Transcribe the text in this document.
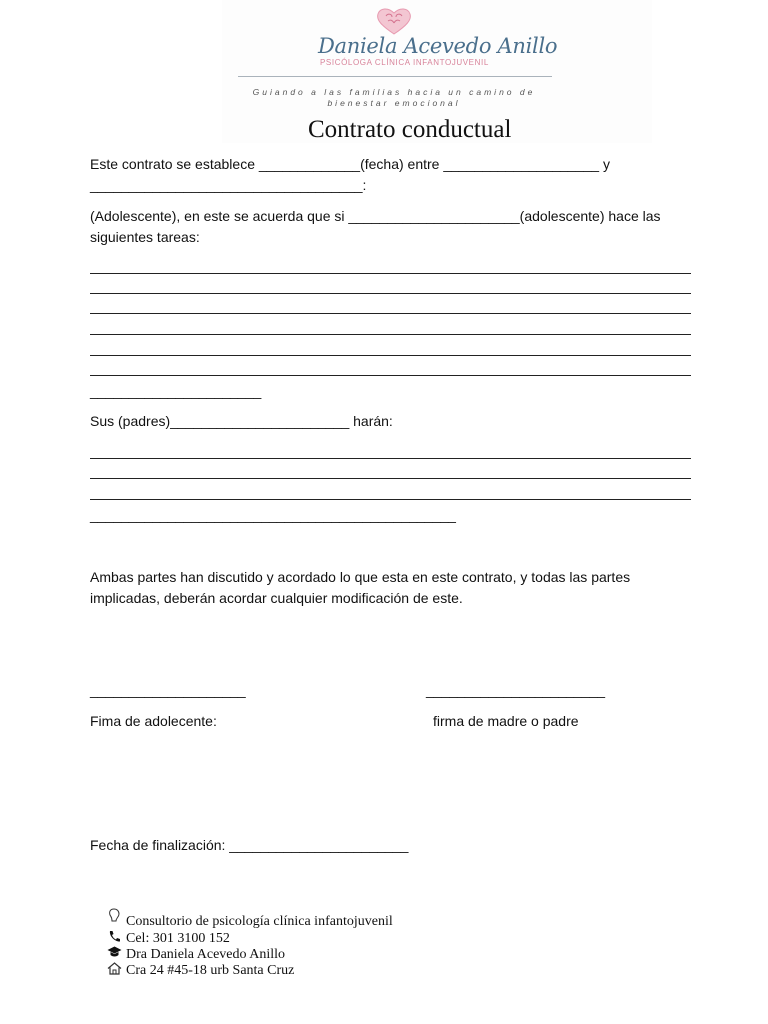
Daniela Acevedo Anillo
PSICÓLOGA CLÍNICA INFANTOJUVENIL
Guiando a las familias hacia un camino de
bienestar emocional
Contrato conductual
Este contrato se establece _____________(fecha) entre ____________________ y
___________________________________:
(Adolescente), en este se acuerda que si ______________________(adolescente) hace las
siguientes tareas:
______________________
Sus (padres)_______________________ harán:
_______________________________________________
Ambas partes han discutido y acordado lo que esta en este contrato, y todas las partes
implicadas, deberán acordar cualquier modificación de este.
____________________	_______________________
Fima de adolecente:	firma de madre o padre
Fecha de finalización: _______________________
Consultorio de psicología clínica infantojuvenil
Cel: 301 3100 152
Dra Daniela Acevedo Anillo
Cra 24 #45-18 urb Santa Cruz
